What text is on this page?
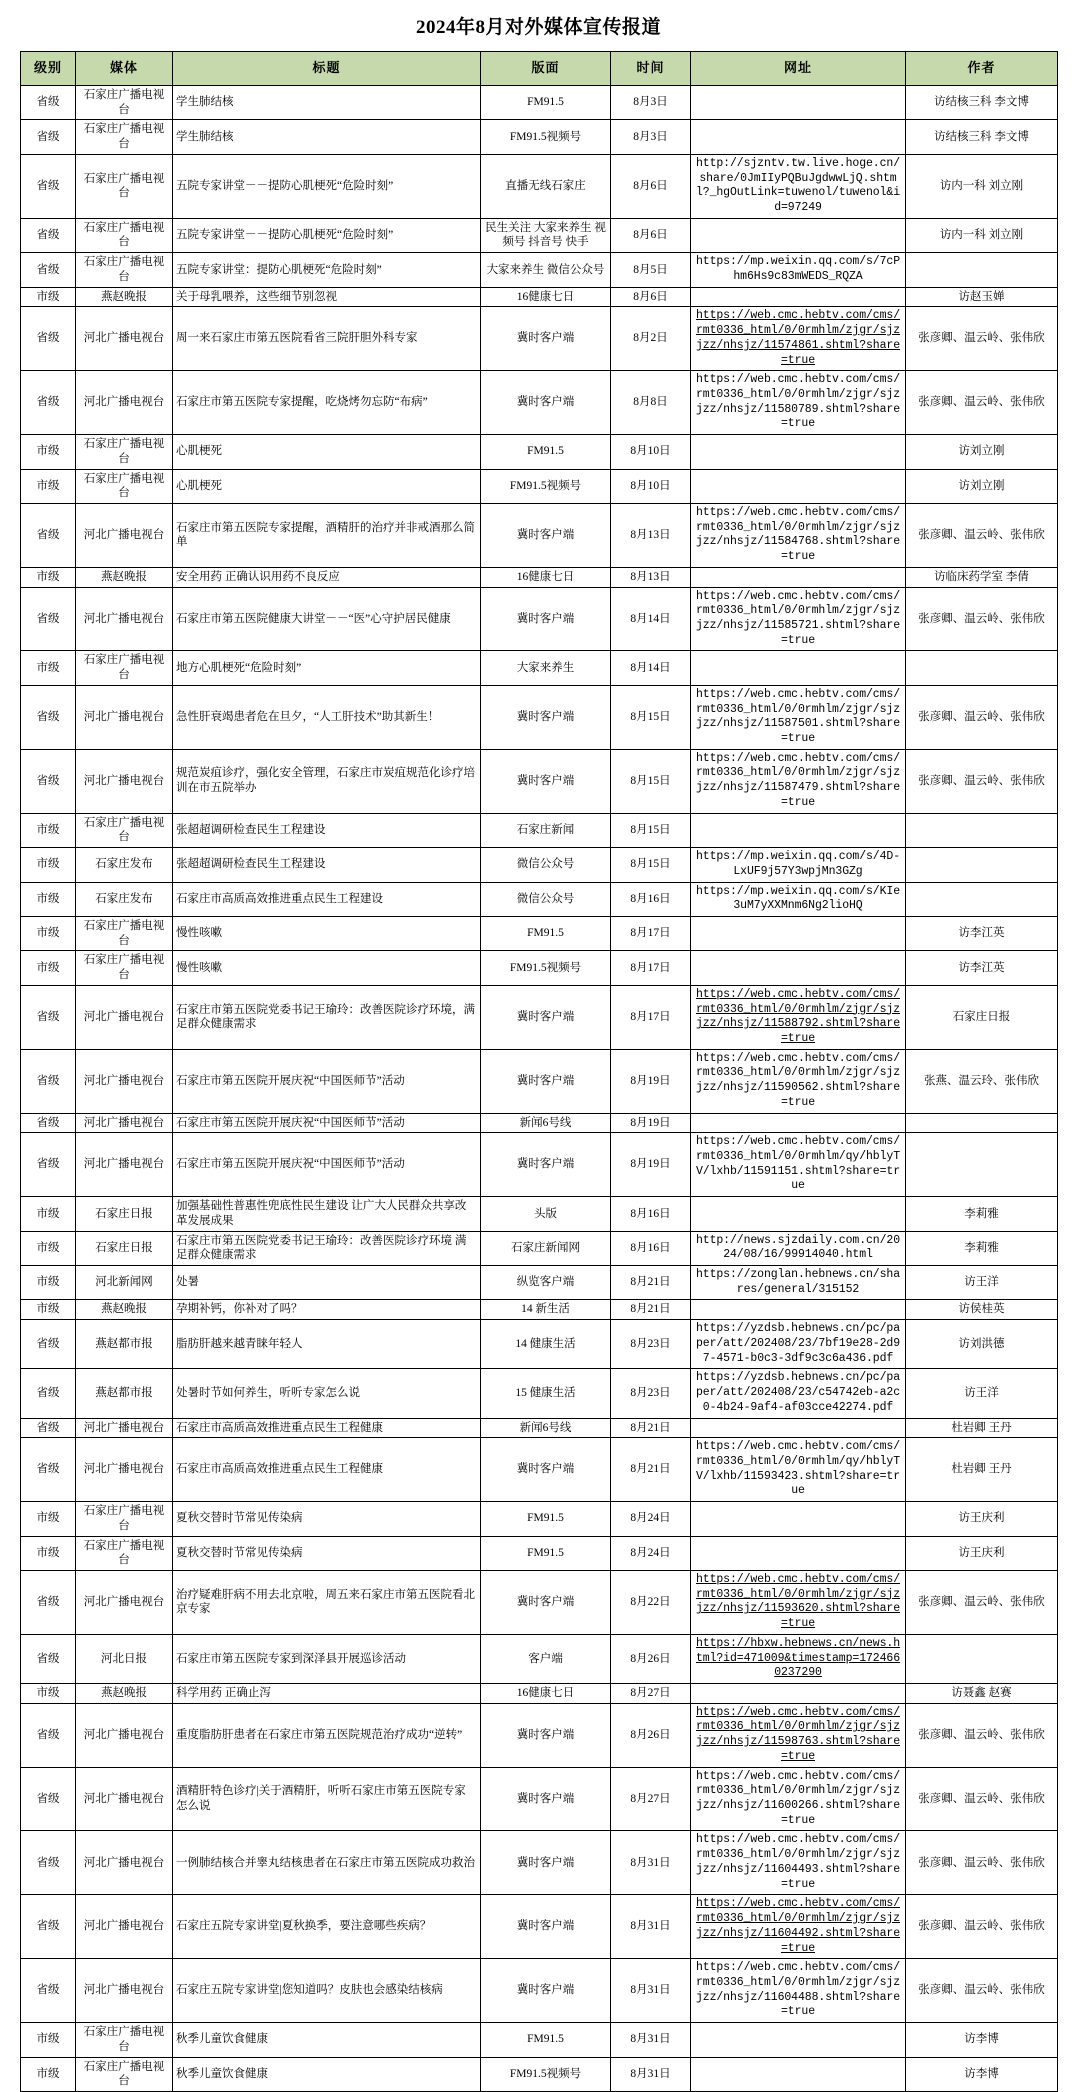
2024年8月对外媒体宣传报道
级别	媒体	标题	版面	时间	网址	作者
省级	石家庄广播电视台	学生肺结核	FM91.5	8月3日		访结核三科 李文博
省级	石家庄广播电视台	学生肺结核	FM91.5视频号	8月3日		访结核三科 李文博
省级	石家庄广播电视台	五院专家讲堂－－提防心肌梗死“危险时刻”	直播无线石家庄	8月6日	http://sjzntv.tw.live.hoge.cn/share/0JmIIyPQBuJgdwwLjQ.shtml?_hgOutLink=tuwenol/tuwenol&id=97249	访内一科 刘立刚
省级	石家庄广播电视台	五院专家讲堂－－提防心肌梗死“危险时刻”	民生关注 大家来养生 视频号 抖音号 快手	8月6日		访内一科 刘立刚
省级	石家庄广播电视台	五院专家讲堂：提防心肌梗死“危险时刻”	大家来养生 微信公众号	8月5日	https://mp.weixin.qq.com/s/7cPhm6Hs9c83mWEDS_RQZA	
市级	燕赵晚报	关于母乳喂养，这些细节别忽视	16健康七日	8月6日		访赵玉婵
省级	河北广播电视台	周一来石家庄市第五医院看省三院肝胆外科专家	冀时客户端	8月2日	https://web.cmc.hebtv.com/cms/rmt0336_html/0/0rmhlm/zjgr/sjzjzz/nhsjz/11574861.shtml?share=true	张彦卿、温云岭、张伟欣
省级	河北广播电视台	石家庄市第五医院专家提醒，吃烧烤勿忘防“布病”	冀时客户端	8月8日	https://web.cmc.hebtv.com/cms/rmt0336_html/0/0rmhlm/zjgr/sjzjzz/nhsjz/11580789.shtml?share=true	张彦卿、温云岭、张伟欣
市级	石家庄广播电视台	心肌梗死	FM91.5	8月10日		访刘立刚
市级	石家庄广播电视台	心肌梗死	FM91.5视频号	8月10日		访刘立刚
省级	河北广播电视台	石家庄市第五医院专家提醒，酒精肝的治疗并非戒酒那么简单	冀时客户端	8月13日	https://web.cmc.hebtv.com/cms/rmt0336_html/0/0rmhlm/zjgr/sjzjzz/nhsjz/11584768.shtml?share=true	张彦卿、温云岭、张伟欣
市级	燕赵晚报	安全用药 正确认识用药不良反应	16健康七日	8月13日		访临床药学室 李倩
省级	河北广播电视台	石家庄市第五医院健康大讲堂－－“医”心守护居民健康	冀时客户端	8月14日	https://web.cmc.hebtv.com/cms/rmt0336_html/0/0rmhlm/zjgr/sjzjzz/nhsjz/11585721.shtml?share=true	张彦卿、温云岭、张伟欣
市级	石家庄广播电视台	地方心肌梗死“危险时刻”	大家来养生	8月14日		
省级	河北广播电视台	急性肝衰竭患者危在旦夕，“人工肝技术”助其新生！	冀时客户端	8月15日	https://web.cmc.hebtv.com/cms/rmt0336_html/0/0rmhlm/zjgr/sjzjzz/nhsjz/11587501.shtml?share=true	张彦卿、温云岭、张伟欣
省级	河北广播电视台	规范炭疽诊疗，强化安全管理，石家庄市炭疽规范化诊疗培训在市五院举办	冀时客户端	8月15日	https://web.cmc.hebtv.com/cms/rmt0336_html/0/0rmhlm/zjgr/sjzjzz/nhsjz/11587479.shtml?share=true	张彦卿、温云岭、张伟欣
市级	石家庄广播电视台	张超超调研检查民生工程建设	石家庄新闻	8月15日		
市级	石家庄发布	张超超调研检查民生工程建设	微信公众号	8月15日	https://mp.weixin.qq.com/s/4D-LxUF9j57Y3wpjMn3GZg	
市级	石家庄发布	石家庄市高质高效推进重点民生工程建设	微信公众号	8月16日	https://mp.weixin.qq.com/s/KIe3uM7yXXMnm6Ng2lioHQ	
市级	石家庄广播电视台	慢性咳嗽	FM91.5	8月17日		访李江英
市级	石家庄广播电视台	慢性咳嗽	FM91.5视频号	8月17日		访李江英
省级	河北广播电视台	石家庄市第五医院党委书记王瑜玲：改善医院诊疗环境，满足群众健康需求	冀时客户端	8月17日	https://web.cmc.hebtv.com/cms/rmt0336_html/0/0rmhlm/zjgr/sjzjzz/nhsjz/11588792.shtml?share=true	石家庄日报
省级	河北广播电视台	石家庄市第五医院开展庆祝“中国医师节”活动	冀时客户端	8月19日	https://web.cmc.hebtv.com/cms/rmt0336_html/0/0rmhlm/zjgr/sjzjzz/nhsjz/11590562.shtml?share=true	张燕、温云玲、张伟欣
省级	河北广播电视台	石家庄市第五医院开展庆祝“中国医师节”活动	新闻6号线	8月19日		
省级	河北广播电视台	石家庄市第五医院开展庆祝“中国医师节”活动	冀时客户端	8月19日	https://web.cmc.hebtv.com/cms/rmt0336_html/0/0rmhlm/qy/hblyTV/lxhb/11591151.shtml?share=true	
市级	石家庄日报	加强基础性普惠性兜底性民生建设 让广大人民群众共享改革发展成果	头版	8月16日		李莉雅
市级	石家庄日报	石家庄市第五医院党委书记王瑜玲：改善医院诊疗环境 满足群众健康需求	石家庄新闻网	8月16日	http://news.sjzdaily.com.cn/2024/08/16/99914040.html	李莉雅
市级	河北新闻网	处暑	纵览客户端	8月21日	https://zonglan.hebnews.cn/shares/general/315152	访王洋
市级	燕赵晚报	孕期补钙，你补对了吗？	14 新生活	8月21日		访侯桂英
省级	燕赵都市报	脂肪肝越来越青睐年轻人	14 健康生活	8月23日	https://yzdsb.hebnews.cn/pc/paper/att/202408/23/7bf19e28-2d97-4571-b0c3-3df9c3c6a436.pdf	访刘洪德
省级	燕赵都市报	处暑时节如何养生，听听专家怎么说	15 健康生活	8月23日	https://yzdsb.hebnews.cn/pc/paper/att/202408/23/c54742eb-a2c0-4b24-9af4-af03cce42274.pdf	访王洋
省级	河北广播电视台	石家庄市高质高效推进重点民生工程健康	新闻6号线	8月21日		杜岩卿 王丹
省级	河北广播电视台	石家庄市高质高效推进重点民生工程健康	冀时客户端	8月21日	https://web.cmc.hebtv.com/cms/rmt0336_html/0/0rmhlm/qy/hblyTV/lxhb/11593423.shtml?share=true	杜岩卿 王丹
市级	石家庄广播电视台	夏秋交替时节常见传染病	FM91.5	8月24日		访王庆利
市级	石家庄广播电视台	夏秋交替时节常见传染病	FM91.5	8月24日		访王庆利
省级	河北广播电视台	治疗疑难肝病不用去北京啦，周五来石家庄市第五医院看北京专家	冀时客户端	8月22日	https://web.cmc.hebtv.com/cms/rmt0336_html/0/0rmhlm/zjgr/sjzjzz/nhsjz/11593620.shtml?share=true	张彦卿、温云岭、张伟欣
省级	河北日报	石家庄市第五医院专家到深泽县开展巡诊活动	客户端	8月26日	https://hbxw.hebnews.cn/news.html?id=471009&timestamp=1724660237290	
市级	燕赵晚报	科学用药 正确止泻	16健康七日	8月27日		访聂鑫 赵赛
省级	河北广播电视台	重度脂肪肝患者在石家庄市第五医院规范治疗成功“逆转”	冀时客户端	8月26日	https://web.cmc.hebtv.com/cms/rmt0336_html/0/0rmhlm/zjgr/sjzjzz/nhsjz/11598763.shtml?share=true	张彦卿、温云岭、张伟欣
省级	河北广播电视台	酒精肝特色诊疗|关于酒精肝，听听石家庄市第五医院专家怎么说	冀时客户端	8月27日	https://web.cmc.hebtv.com/cms/rmt0336_html/0/0rmhlm/zjgr/sjzjzz/nhsjz/11600266.shtml?share=true	张彦卿、温云岭、张伟欣
省级	河北广播电视台	一例肺结核合并睾丸结核患者在石家庄市第五医院成功救治	冀时客户端	8月31日	https://web.cmc.hebtv.com/cms/rmt0336_html/0/0rmhlm/zjgr/sjzjzz/nhsjz/11604493.shtml?share=true	张彦卿、温云岭、张伟欣
省级	河北广播电视台	石家庄五院专家讲堂|夏秋换季，要注意哪些疾病？	冀时客户端	8月31日	https://web.cmc.hebtv.com/cms/rmt0336_html/0/0rmhlm/zjgr/sjzjzz/nhsjz/11604492.shtml?share=true	张彦卿、温云岭、张伟欣
省级	河北广播电视台	石家庄五院专家讲堂|您知道吗？皮肤也会感染结核病	冀时客户端	8月31日	https://web.cmc.hebtv.com/cms/rmt0336_html/0/0rmhlm/zjgr/sjzjzz/nhsjz/11604488.shtml?share=true	张彦卿、温云岭、张伟欣
市级	石家庄广播电视台	秋季儿童饮食健康	FM91.5	8月31日		访李博
市级	石家庄广播电视台	秋季儿童饮食健康	FM91.5视频号	8月31日		访李博
